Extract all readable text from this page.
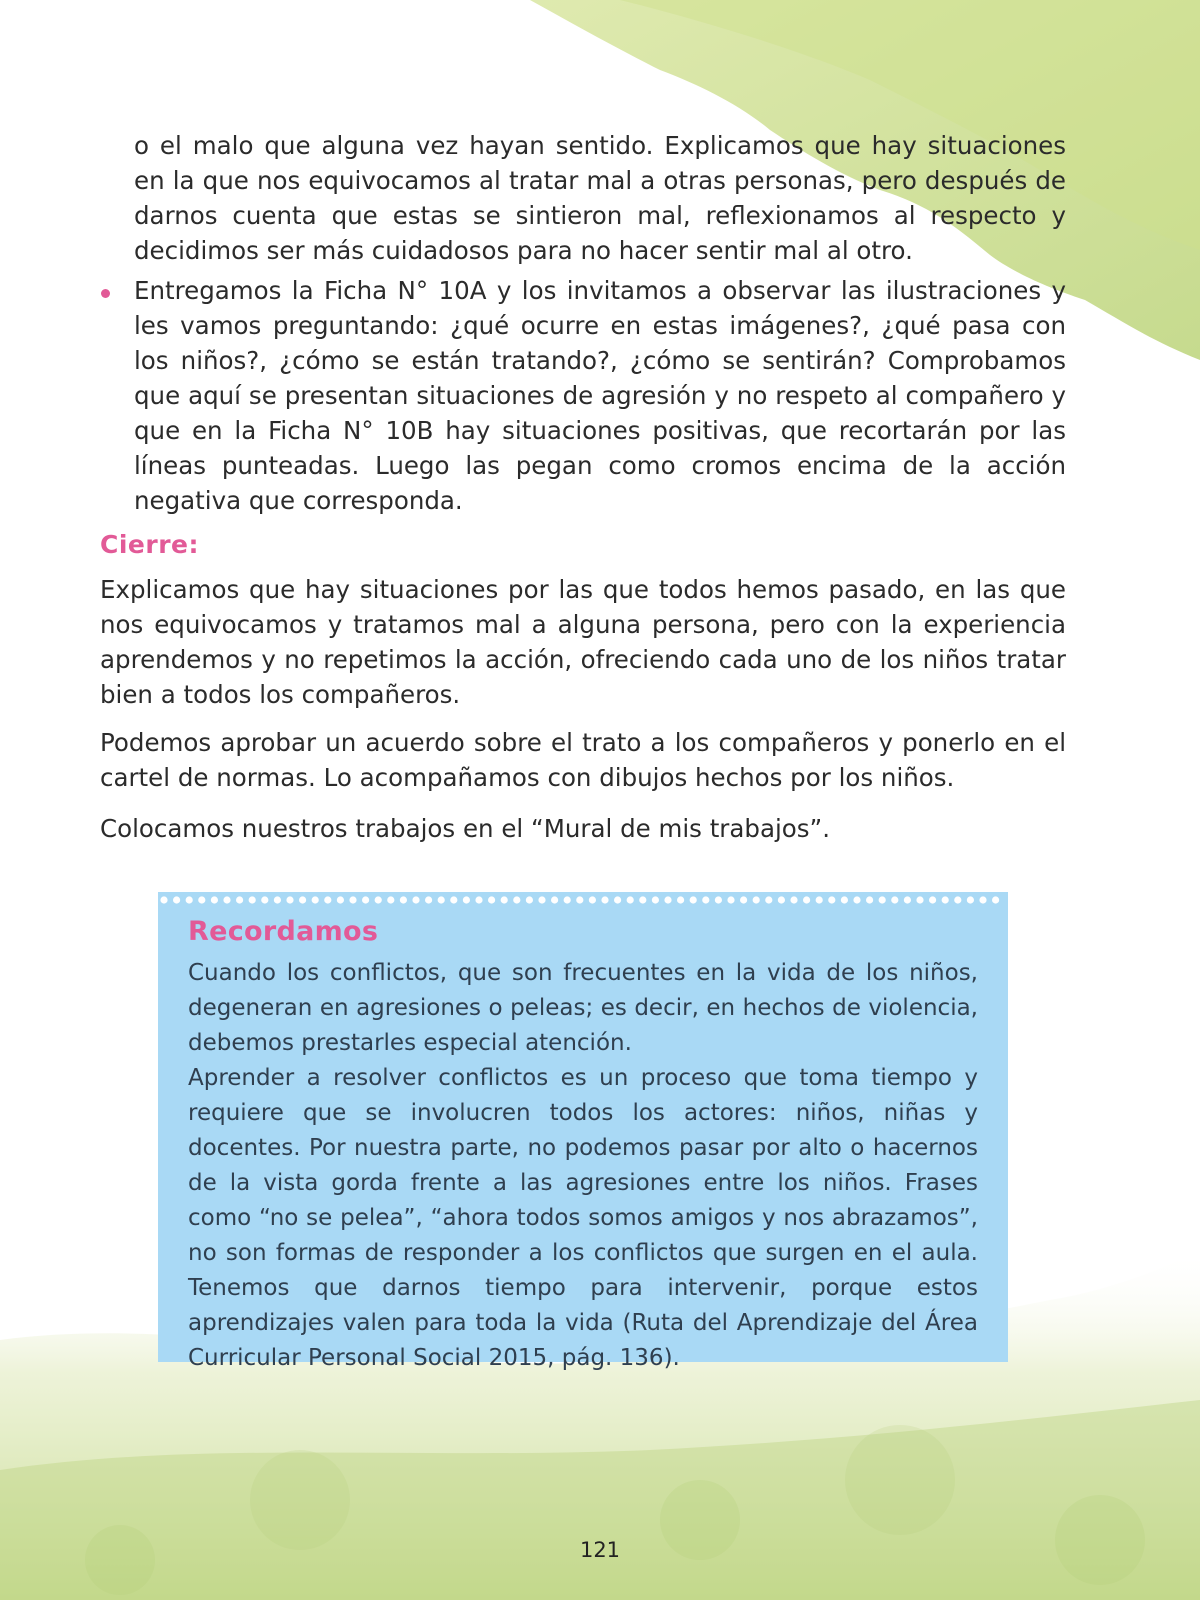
o el malo que alguna vez hayan sentido. Explicamos que hay situaciones en la que nos equivocamos al tratar mal a otras personas, pero después de darnos cuenta que estas se sintieron mal, reflexionamos al respecto y decidimos ser más cuidadosos para no hacer sentir mal al otro.

Entregamos la Ficha N° 10A y los invitamos a observar las ilustraciones y les vamos preguntando: ¿qué ocurre en estas imágenes?, ¿qué pasa con los niños?, ¿cómo se están tratando?, ¿cómo se sentirán? Comprobamos que aquí se presentan situaciones de agresión y no respeto al compañero y que en la Ficha N° 10B hay situaciones positivas, que recortarán por las líneas punteadas. Luego las pegan como cromos encima de la acción negativa que corresponda.

Cierre:

Explicamos que hay situaciones por las que todos hemos pasado, en las que nos equivocamos y tratamos mal a alguna persona, pero con la experiencia aprendemos y no repetimos la acción, ofreciendo cada uno de los niños tratar bien a todos los compañeros.

Podemos aprobar un acuerdo sobre el trato a los compañeros y ponerlo en el cartel de normas. Lo acompañamos con dibujos hechos por los niños.

Colocamos nuestros trabajos en el “Mural de mis trabajos”.

Recordamos

Cuando los conflictos, que son frecuentes en la vida de los niños, degeneran en agresiones o peleas; es decir, en hechos de violencia, debemos prestarles especial atención.

Aprender a resolver conflictos es un proceso que toma tiempo y requiere que se involucren todos los actores: niños, niñas y docentes. Por nuestra parte, no podemos pasar por alto o hacernos de la vista gorda frente a las agresiones entre los niños. Frases como “no se pelea”, “ahora todos somos amigos y nos abrazamos”, no son formas de responder a los conflictos que surgen en el aula. Tenemos que darnos tiempo para intervenir, porque estos aprendizajes valen para toda la vida (Ruta del Aprendizaje del Área Curricular Personal Social 2015, pág. 136).

121
